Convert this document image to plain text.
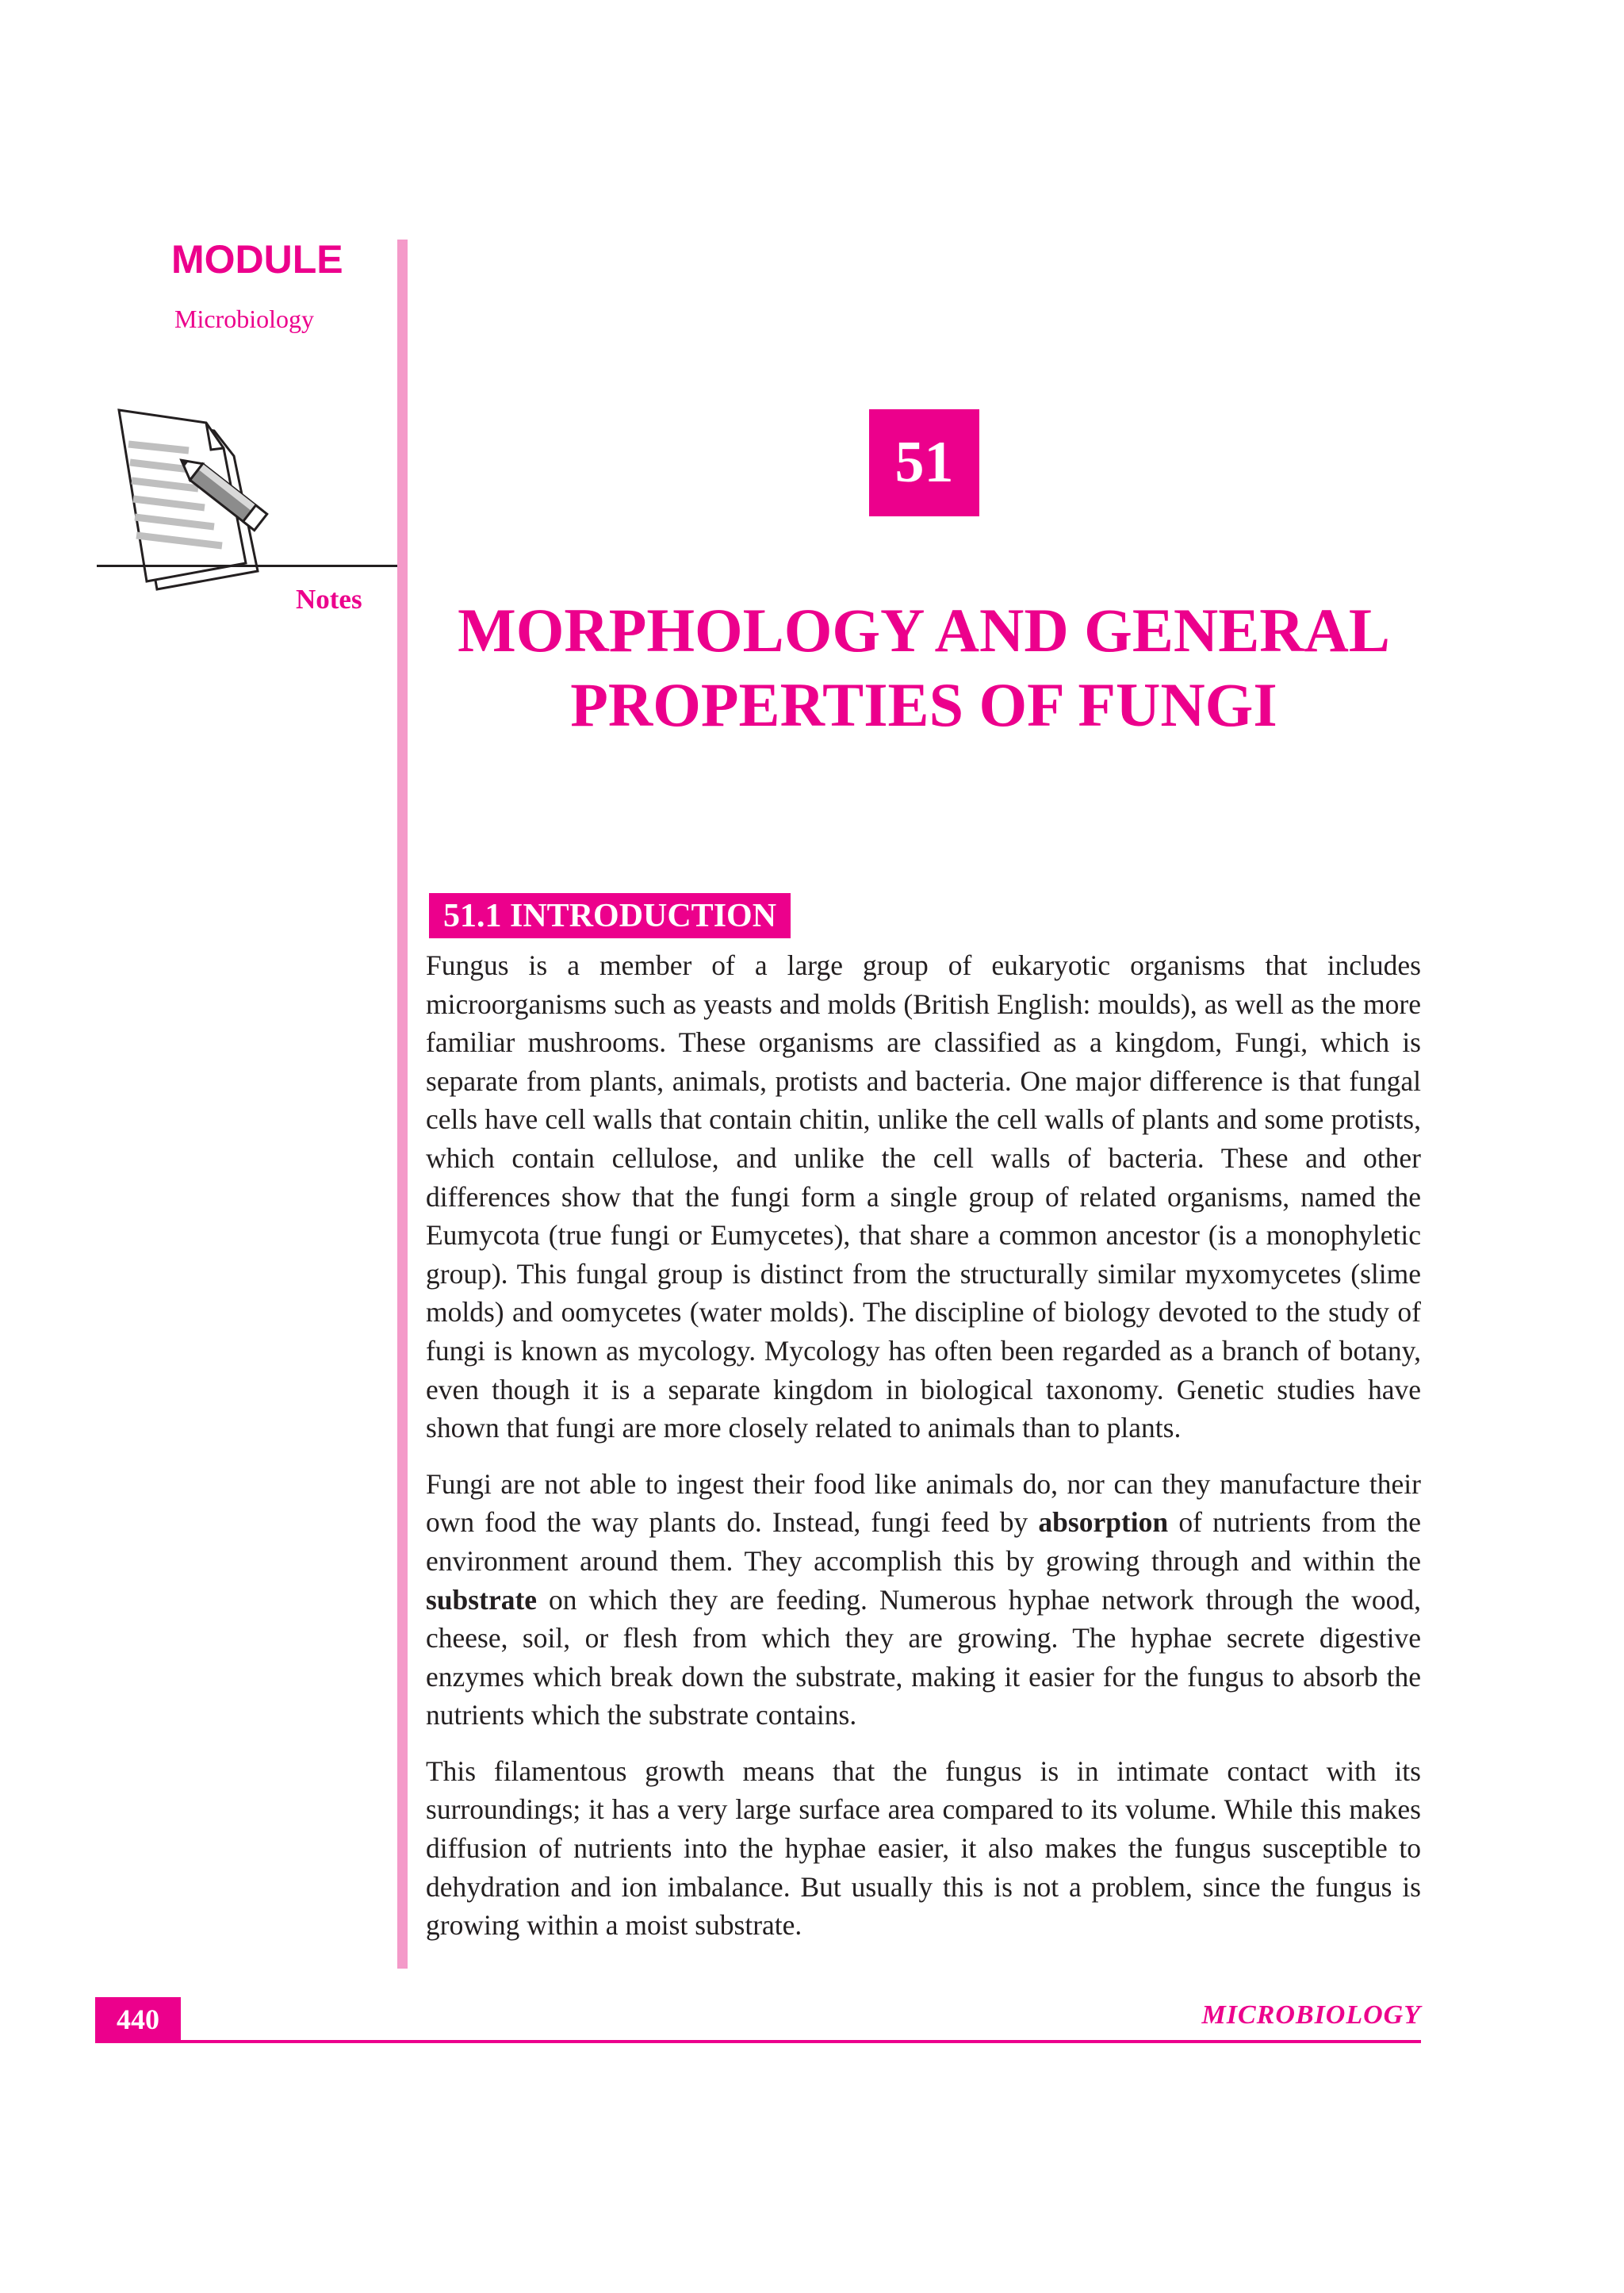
MODULE
Microbiology
Notes
51
MORPHOLOGY AND GENERAL
PROPERTIES OF FUNGI
51.1 INTRODUCTION

Fungus is a member of a large group of eukaryotic organisms that includes microorganisms such as yeasts and molds (British English: moulds), as well as the more familiar mushrooms. These organisms are classified as a kingdom, Fungi, which is separate from plants, animals, protists and bacteria. One major difference is that fungal cells have cell walls that contain chitin, unlike the cell walls of plants and some protists, which contain cellulose, and unlike the cell walls of bacteria. These and other differences show that the fungi form a single group of related organisms, named the Eumycota (true fungi or Eumycetes), that share a common ancestor (is a monophyletic group). This fungal group is distinct from the structurally similar myxomycetes (slime molds) and oomycetes (water molds). The discipline of biology devoted to the study of fungi is known as mycology. Mycology has often been regarded as a branch of botany, even though it is a separate kingdom in biological taxonomy. Genetic studies have shown that fungi are more closely related to animals than to plants.

Fungi are not able to ingest their food like animals do, nor can they manufacture their own food the way plants do. Instead, fungi feed by absorption of nutrients from the environment around them. They accomplish this by growing through and within the substrate on which they are feeding. Numerous hyphae network through the wood, cheese, soil, or flesh from which they are growing. The hyphae secrete digestive enzymes which break down the substrate, making it easier for the fungus to absorb the nutrients which the substrate contains.

This filamentous growth means that the fungus is in intimate contact with its surroundings; it has a very large surface area compared to its volume. While this makes diffusion of nutrients into the hyphae easier, it also makes the fungus susceptible to dehydration and ion imbalance. But usually this is not a problem, since the fungus is growing within a moist substrate.

440	MICROBIOLOGY
